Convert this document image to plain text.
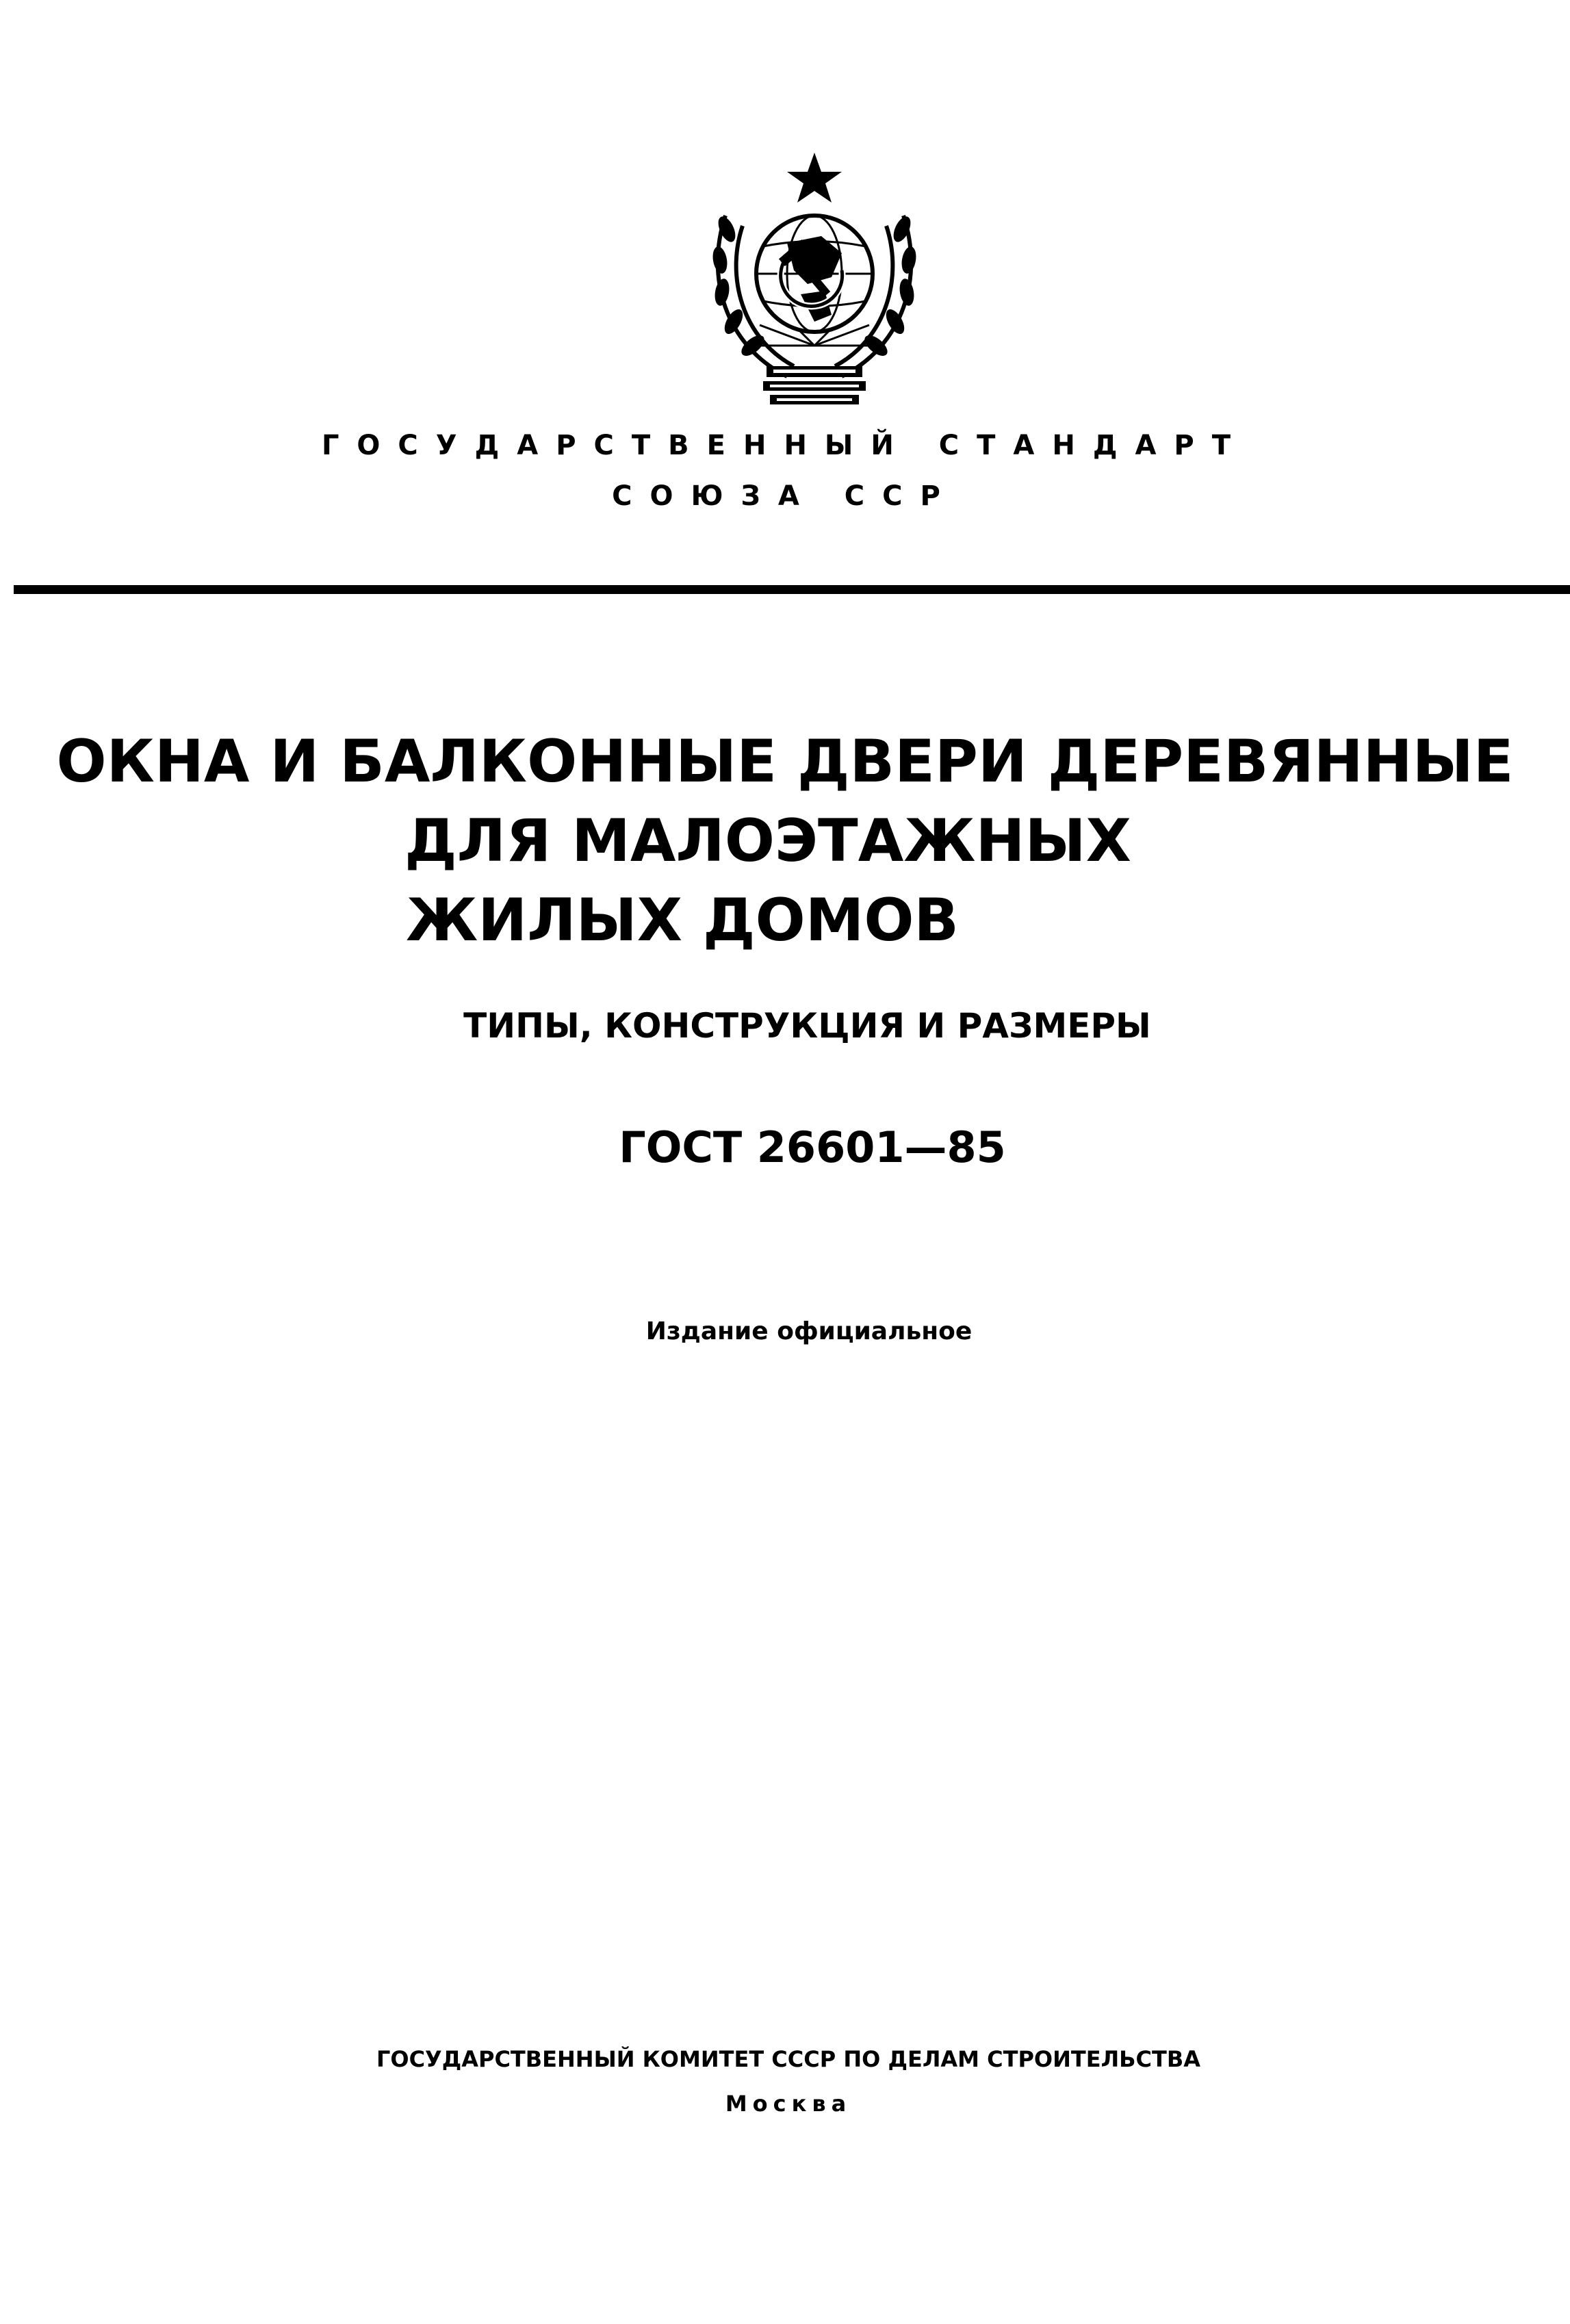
ГОСУДАРСТВЕННЫЙ СТАНДАРТ
СОЮЗА ССР
ОКНА И БАЛКОННЫЕ ДВЕРИ ДЕРЕВЯННЫЕ
ДЛЯ МАЛОЭТАЖНЫХ
ЖИЛЫХ ДОМОВ
ТИПЫ, КОНСТРУКЦИЯ И РАЗМЕРЫ
ГОСТ 26601—85
Издание официальное
ГОСУДАРСТВЕННЫЙ КОМИТЕТ СССР ПО ДЕЛАМ СТРОИТЕЛЬСТВА
Москва
